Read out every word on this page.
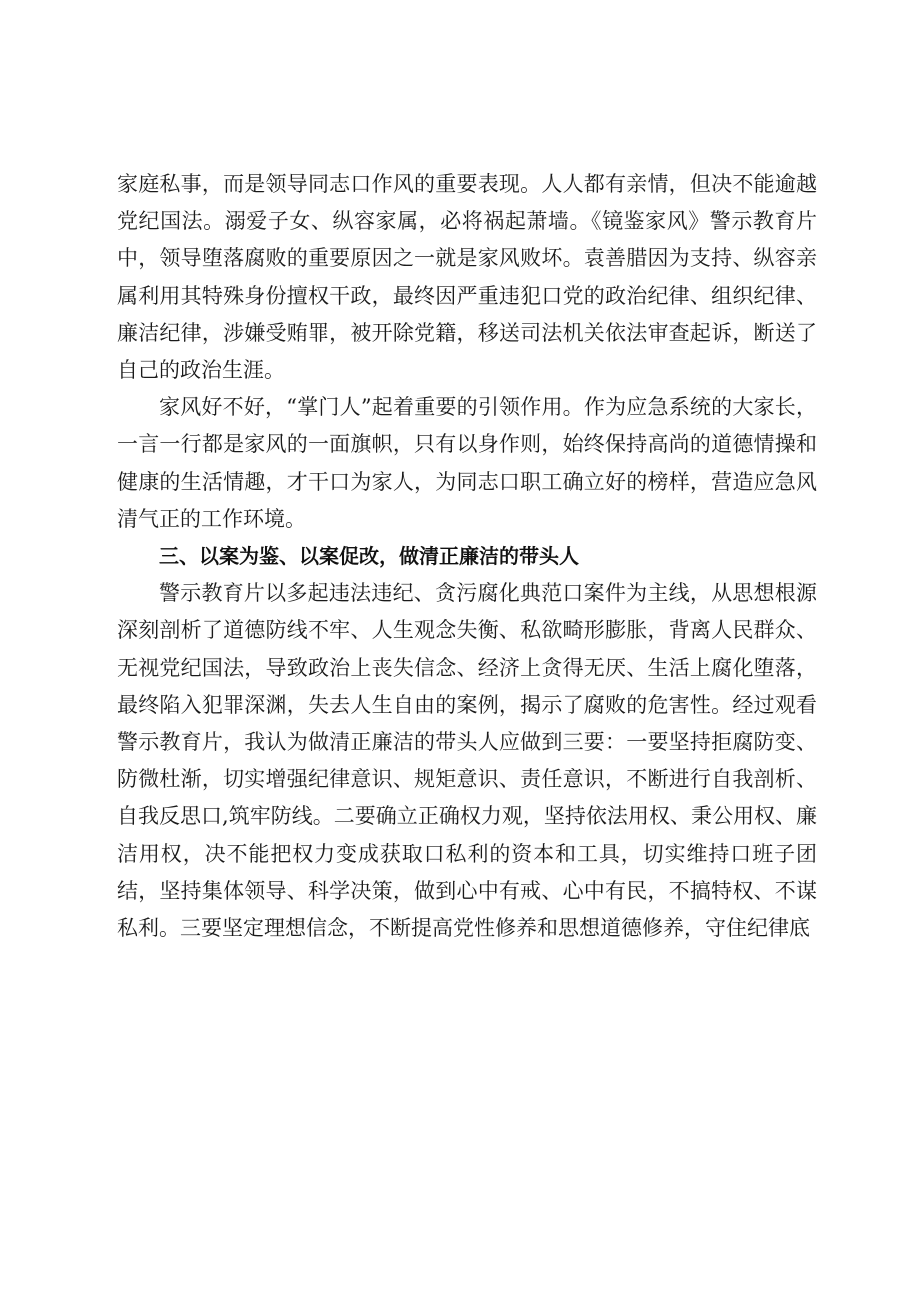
家庭私事，而是领导同志口作风的重要表现。人人都有亲情，但决不能逾越党纪国法。溺爱子女、纵容家属，必将祸起萧墙。《镜鉴家风》警示教育片中，领导堕落腐败的重要原因之一就是家风败坏。袁善腊因为支持、纵容亲属利用其特殊身份擅权干政，最终因严重违犯口党的政治纪律、组织纪律、廉洁纪律，涉嫌受贿罪，被开除党籍，移送司法机关依法审查起诉，断送了自己的政治生涯。

家风好不好，“掌门人”起着重要的引领作用。作为应急系统的大家长，一言一行都是家风的一面旗帜，只有以身作则，始终保持高尚的道德情操和健康的生活情趣，才干口为家人，为同志口职工确立好的榜样，营造应急风清气正的工作环境。

三、以案为鉴、以案促改，做清正廉洁的带头人

警示教育片以多起违法违纪、贪污腐化典范口案件为主线，从思想根源深刻剖析了道德防线不牢、人生观念失衡、私欲畸形膨胀，背离人民群众、无视党纪国法，导致政治上丧失信念、经济上贪得无厌、生活上腐化堕落，最终陷入犯罪深渊，失去人生自由的案例，揭示了腐败的危害性。经过观看警示教育片，我认为做清正廉洁的带头人应做到三要：一要坚持拒腐防变、防微杜渐，切实增强纪律意识、规矩意识、责任意识，不断进行自我剖析、自我反思口,筑牢防线。二要确立正确权力观，坚持依法用权、秉公用权、廉洁用权，决不能把权力变成获取口私利的资本和工具，切实维持口班子团结，坚持集体领导、科学决策，做到心中有戒、心中有民，不搞特权、不谋私利。三要坚定理想信念，不断提高党性修养和思想道德修养，守住纪律底
